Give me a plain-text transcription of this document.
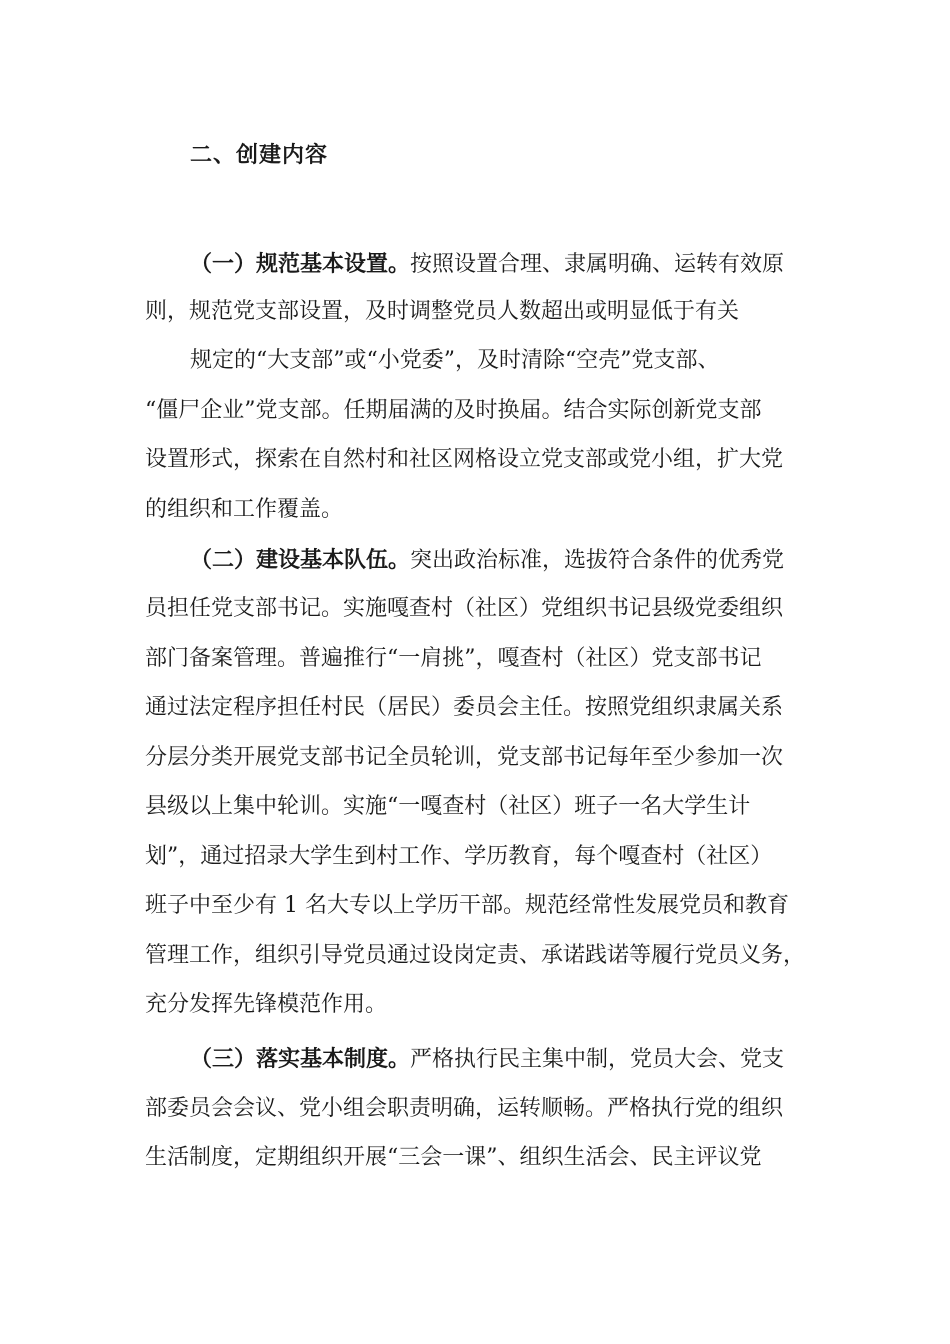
二、创建内容

（一）规范基本设置。按照设置合理、隶属明确、运转有效原

则，规范党支部设置，及时调整党员人数超出或明显低于有关

规定的“大支部”或“小党委”，及时清除“空壳”党支部、

“僵尸企业”党支部。任期届满的及时换届。结合实际创新党支部

设置形式，探索在自然村和社区网格设立党支部或党小组，扩大党

的组织和工作覆盖。

（二）建设基本队伍。突出政治标准，选拔符合条件的优秀党

员担任党支部书记。实施嘎查村（社区）党组织书记县级党委组织

部门备案管理。普遍推行“一肩挑”，嘎查村（社区）党支部书记

通过法定程序担任村民（居民）委员会主任。按照党组织隶属关系

分层分类开展党支部书记全员轮训，党支部书记每年至少参加一次

县级以上集中轮训。实施“一嘎查村（社区）班子一名大学生计

划”，通过招录大学生到村工作、学历教育，每个嘎查村（社区）

班子中至少有 1 名大专以上学历干部。规范经常性发展党员和教育

管理工作，组织引导党员通过设岗定责、承诺践诺等履行党员义务，

充分发挥先锋模范作用。

（三）落实基本制度。严格执行民主集中制，党员大会、党支

部委员会会议、党小组会职责明确，运转顺畅。严格执行党的组织

生活制度，定期组织开展“三会一课”、组织生活会、民主评议党
